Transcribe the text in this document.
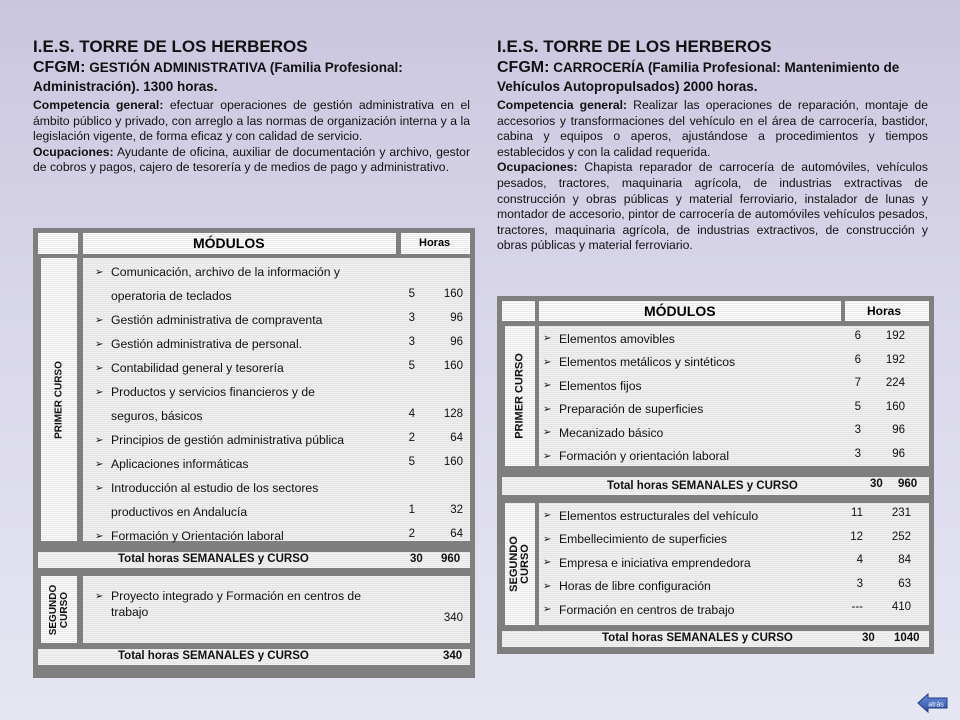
I.E.S. TORRE DE LOS HERBEROS
CFGM: GESTIÓN ADMINISTRATIVA (Familia Profesional: Administración). 1300 horas.

Competencia general: efectuar operaciones de gestión administrativa en el ámbito público y privado, con arreglo a las normas de organización interna y a la legislación vigente, de forma eficaz y con calidad de servicio.

Ocupaciones: Ayudante de oficina, auxiliar de documentación y archivo, gestor de cobros y pagos, cajero de tesorería y de medios de pago y administrativo.

MÓDULOS	Horas
PRIMER CURSO
➢ Comunicación, archivo de la información y
operatoria de teclados	5	160
➢ Gestión administrativa de compraventa	3	96
➢ Gestión administrativa de personal.	3	96
➢ Contabilidad general y tesorería	5	160
➢ Productos y servicios financieros y de
seguros, básicos	4	128
➢ Principios de gestión administrativa pública	2	64
➢ Aplicaciones informáticas	5	160
➢ Introducción al estudio de los sectores
productivos en Andalucía	1	32
➢ Formación y Orientación laboral	2	64
Total horas SEMANALES y CURSO	30 960
SEGUNDO CURSO	➢ Proyecto integrado y Formación en centros de
trabajo	340
Total horas SEMANALES y CURSO	340
I.E.S. TORRE DE LOS HERBEROS
CFGM: CARROCERÍA (Familia Profesional: Mantenimiento de Vehículos Autopropulsados) 2000 horas.

Competencia general: Realizar las operaciones de reparación, montaje de accesorios y transformaciones del vehículo en el área de carrocería, bastidor, cabina y equipos o aperos, ajustándose a procedimientos y tiempos establecidos y con la calidad requerida.

Ocupaciones: Chapista reparador de carrocería de automóviles, vehículos pesados, tractores, maquinaria agrícola, de industrias extractivas de construcción y obras públicas y material ferroviario, instalador de lunas y montador de accesorio, pintor de carrocería de automóviles vehículos pesados, tractores, maquinaria agrícola, de industrias extractivos, de construcción y obras públicas y material ferroviario.

MÓDULOS	Horas
PRIMER CURSO
➢ Elementos amovibles	6	192
➢ Elementos metálicos y sintéticos	6	192
➢ Elementos fijos	7	224
➢ Preparación de superficies	5	160
➢ Mecanizado básico	3	96
➢ Formación y orientación laboral	3	96
Total horas SEMANALES y CURSO	30 960
SEGUNDO CURSO
➢ Elementos estructurales del vehículo	11	231
➢ Embellecimiento de superficies	12	252
➢ Empresa e iniciativa emprendedora	4	84
➢ Horas de libre configuración	3	63
➢ Formación en centros de trabajo	---	410
Total horas SEMANALES y CURSO	30 1040
atrás
